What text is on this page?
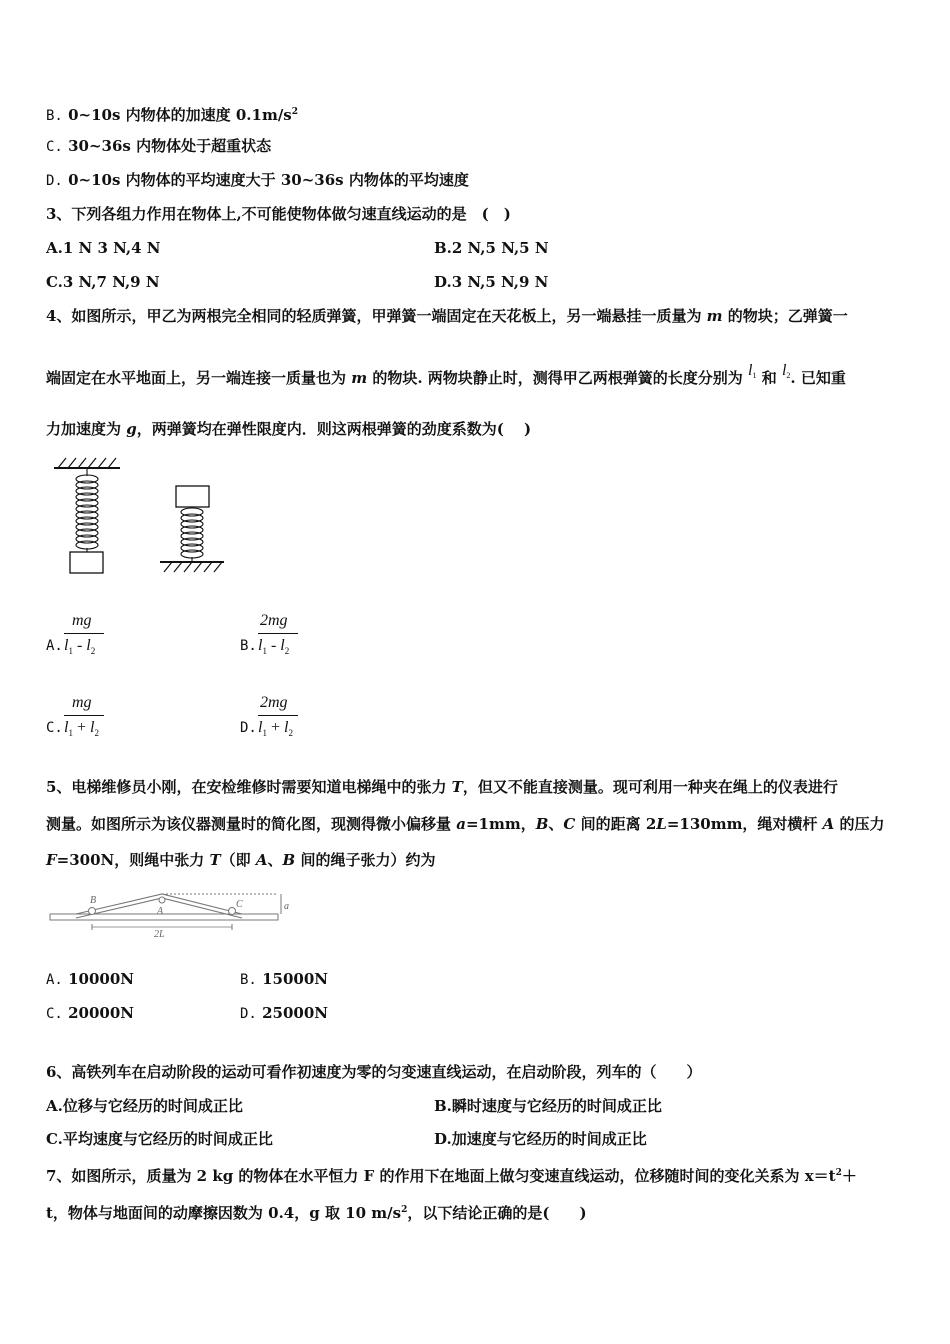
B. 0~10s 内物体的加速度 $0.1m/s^2$
C. 30~36s 内物体处于超重状态
D. 0~10s 内物体的平均速度大于 30~36s 内物体的平均速度
3、下列各组力作用在物体上,不可能使物体做匀速直线运动的是　(　)
A.1 N 3 N,4 N	B.2 N,5 N,5 N
C.3 N,7 N,9 N	D.3 N,5 N,9 N
4、如图所示，甲乙为两根完全相同的轻质弹簧，甲弹簧一端固定在天花板上，另一端悬挂一质量为 m 的物块；乙弹簧一
端固定在水平地面上，另一端连接一质量也为 m 的物块. 两物块静止时，测得甲乙两根弹簧的长度分别为 $l_1$ 和 $l_2$. 已知重
力加速度为 g，两弹簧均在弹性限度内．则这两根弹簧的劲度系数为(　 )
A.
mg
$l_1 - l_2$	B.
2mg
$l_1 - l_2$
C.
mg
$l_1 + l_2$	D.
2mg
$l_1 + l_2$
5、电梯维修员小刚，在安检维修时需要知道电梯绳中的张力 T，但又不能直接测量。现可利用一种夹在绳上的仪表进行
测量。如图所示为该仪器测量时的简化图，现测得微小偏移量 a=1mm，B、C 间的距离 2L=130mm，绳对横杆 A 的压力
F=300N，则绳中张力 T（即 A、B 间的绳子张力）约为
B
A
C	a
2L
A. 10000N	B. 15000N
C. 20000N	D. 25000N
6、高铁列车在启动阶段的运动可看作初速度为零的匀变速直线运动，在启动阶段，列车的（　　）
A.位移与它经历的时间成正比	B.瞬时速度与它经历的时间成正比
C.平均速度与它经历的时间成正比	D.加速度与它经历的时间成正比
7、如图所示，质量为 2 kg 的物体在水平恒力 F 的作用下在地面上做匀变速直线运动，位移随时间的变化关系为 $x=t^2+$
t，物体与地面间的动摩擦因数为 0.4，g 取 10 $m/s^2$，以下结论正确的是(　　)
